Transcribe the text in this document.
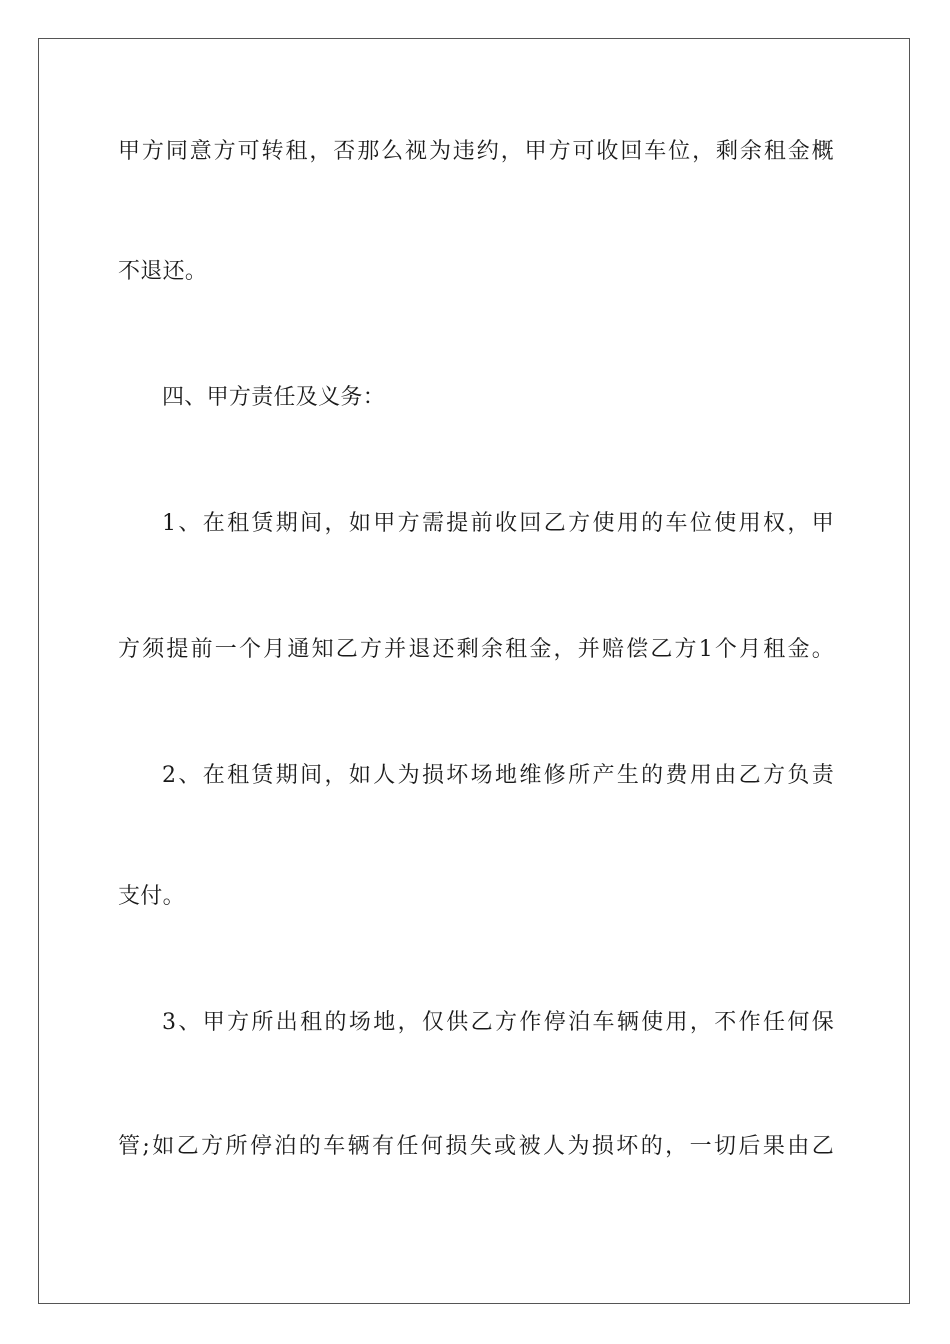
甲方同意方可转租，否那么视为违约，甲方可收回车位，剩余租金概
不退还。
四、甲方责任及义务：
1、在租赁期间，如甲方需提前收回乙方使用的车位使用权，甲
方须提前一个月通知乙方并退还剩余租金，并赔偿乙方1个月租金。
2、在租赁期间，如人为损坏场地维修所产生的费用由乙方负责
支付。
3、甲方所出租的场地，仅供乙方作停泊车辆使用，不作任何保
管;如乙方所停泊的车辆有任何损失或被人为损坏的，一切后果由乙
